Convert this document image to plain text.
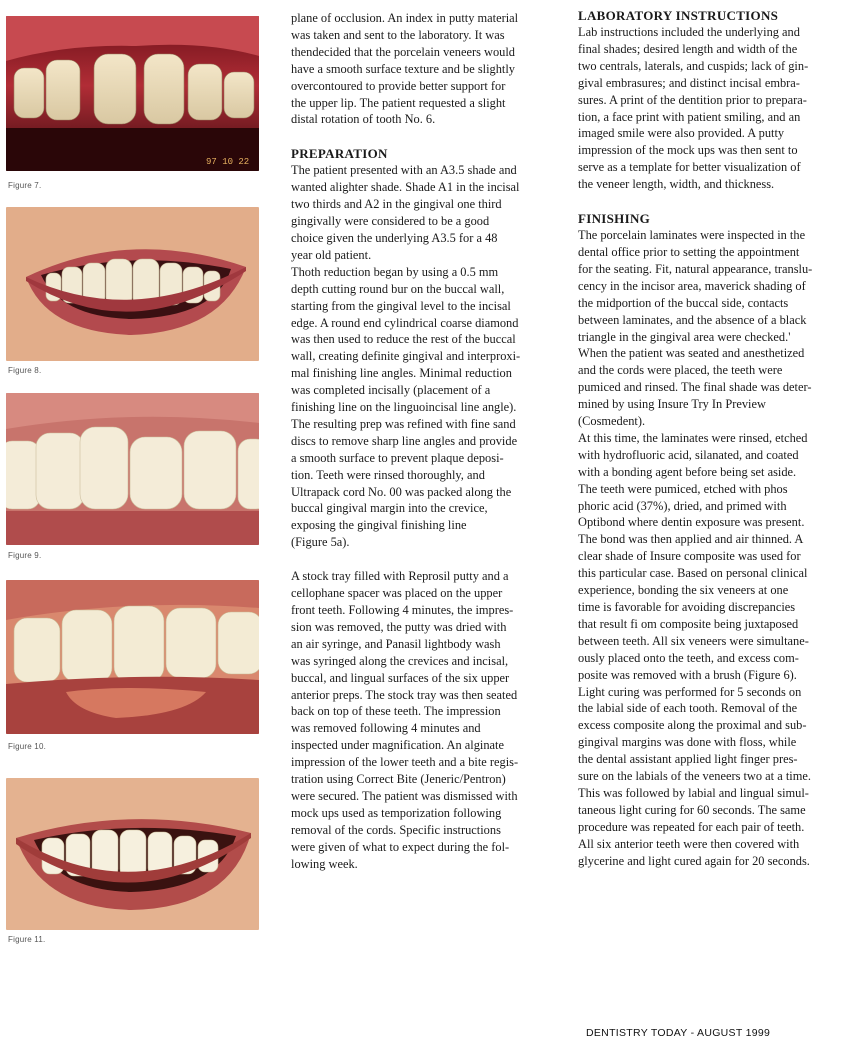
97 10 22
Figure 7.
Figure 8.
Figure 9.
Figure 10.
Figure 11.

plane of occlusion. An index in putty material

was taken and sent to the laboratory. It was

thendecided that the porcelain veneers would

have a smooth surface texture and be slightly

overcontoured to provide better support for

the upper lip. The patient requested a slight

distal rotation of tooth No. 6.

PREPARATION

The patient presented with an A3.5 shade and

wanted alighter shade. Shade A1 in the incisal

two thirds and A2 in the gingival one third

gingivally were considered to be a good

choice given the underlying A3.5 for a 48

year old patient.

Thoth reduction began by using a 0.5 mm

depth cutting round bur on the buccal wall,

starting from the gingival level to the incisal

edge. A round end cylindrical coarse diamond

was then used to reduce the rest of the buccal

wall, creating definite gingival and interproxi-

mal finishing line angles. Minimal reduction

was completed incisally (placement of a

finishing line on the linguoincisal line angle).

The resulting prep was refined with fine sand

discs to remove sharp line angles and provide

a smooth surface to prevent plaque deposi-

tion. Teeth were rinsed thoroughly, and

Ultrapack cord No. 00 was packed along the

buccal gingival margin into the crevice,

exposing the gingival finishing line

(Figure 5a).

A stock tray filled with Reprosil putty and a

cellophane spacer was placed on the upper

front teeth. Following 4 minutes, the impres-

sion was removed, the putty was dried with

an air syringe, and Panasil lightbody wash

was syringed along the crevices and incisal,

buccal, and lingual surfaces of the six upper

anterior preps. The stock tray was then seated

back on top of these teeth. The impression

was removed following 4 minutes and

inspected under magnification. An alginate

impression of the lower teeth and a bite regis-

tration using Correct Bite (Jeneric/Pentron)

were secured. The patient was dismissed with

mock ups used as temporization following

removal of the cords. Specific instructions

were given of what to expect during the fol-

lowing week.

LABORATORY INSTRUCTIONS

Lab instructions included the underlying and

final shades; desired length and width of the

two centrals, laterals, and cuspids; lack of gin-

gival embrasures; and distinct incisal embra-

sures. A print of the dentition prior to prepara-

tion, a face print with patient smiling, and an

imaged smile were also provided. A putty

impression of the mock ups was then sent to

serve as a template for better visualization of

the veneer length, width, and thickness.

FINISHING

The porcelain laminates were inspected in the

dental office prior to setting the appointment

for the seating. Fit, natural appearance, translu-

cency in the incisor area, maverick shading of

the midportion of the buccal side, contacts

between laminates, and the absence of a black

triangle in the gingival area were checked.'

When the patient was seated and anesthetized

and the cords were placed, the teeth were

pumiced and rinsed. The final shade was deter-

mined by using Insure Try In Preview

(Cosmedent).

At this time, the laminates were rinsed, etched

with hydrofluoric acid, silanated, and coated

with a bonding agent before being set aside.

The teeth were pumiced, etched with phos

phoric acid (37%), dried, and primed with

Optibond where dentin exposure was present.

The bond was then applied and air thinned. A

clear shade of Insure composite was used for

this particular case. Based on personal clinical

experience, bonding the six veneers at one

time is favorable for avoiding discrepancies

that result fi om composite being juxtaposed

between teeth. All six veneers were simultane-

ously placed onto the teeth, and excess com-

posite was removed with a brush (Figure 6).

Light curing was performed for 5 seconds on

the labial side of each tooth. Removal of the

excess composite along the proximal and sub-

gingival margins was done with floss, while

the dental assistant applied light finger pres-

sure on the labials of the veneers two at a time.

This was followed by labial and lingual simul-

taneous light curing for 60 seconds. The same

procedure was repeated for each pair of teeth.

All six anterior teeth were then covered with

glycerine and light cured again for 20 seconds.

DENTISTRY TODAY - AUGUST 1999
